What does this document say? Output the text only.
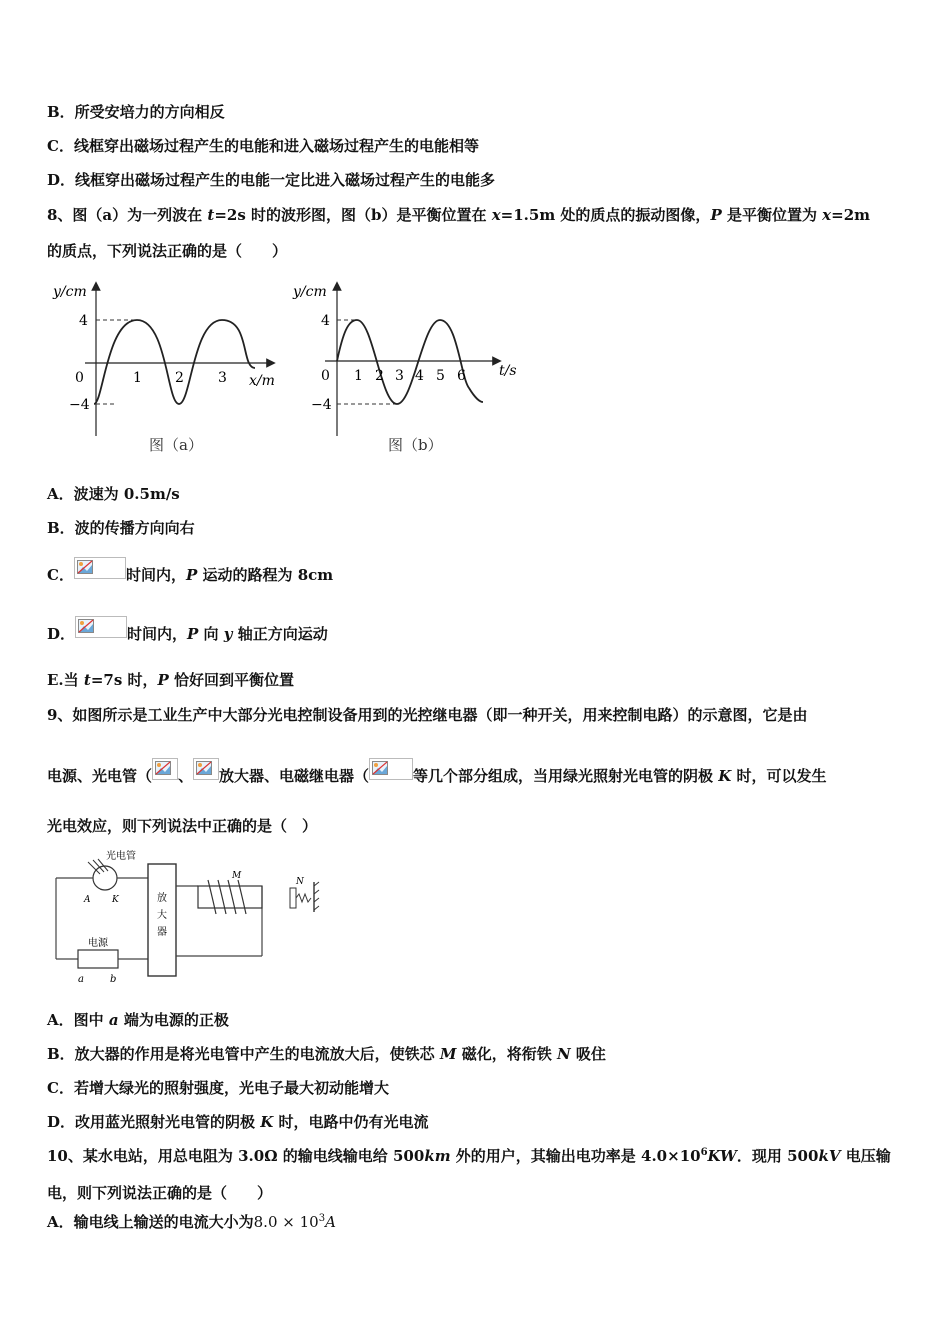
B．所受安培力的方向相反
C．线框穿出磁场过程产生的电能和进入磁场过程产生的电能相等
D．线框穿出磁场过程产生的电能一定比进入磁场过程产生的电能多
8、图（a）为一列波在 t=2s 时的波形图，图（b）是平衡位置在 x=1.5m 处的质点的振动图像，P 是平衡位置为 x=2m
的质点，下列说法正确的是（　　）
y/cm
4
−4
0	1 2 3 x/m
图（a）
y/cm
4
−4
0 1 2 3 4 5 6 t/s
图（b）
A．波速为 0.5m/s
B．波的传播方向向右
C．	时间内，P 运动的路程为 8cm
D．	时间内，P 向 y 轴正方向运动
E.当 t=7s 时，P 恰好回到平衡位置
9、如图所示是工业生产中大部分光电控制设备用到的光控继电器（即一种开关，用来控制电路）的示意图，它是由
电源、光电管（ 、 放大器、电磁继电器（	等几个部分组成，当用绿光照射光电管的阴极 K 时，可以发生
光电效应，则下列说法中正确的是（　）
光电管
A K
电源
a	b
放
大
器
M
N
A．图中 a 端为电源的正极
B．放大器的作用是将光电管中产生的电流放大后，使铁芯 M 磁化，将衔铁 N 吸住
C．若增大绿光的照射强度，光电子最大初动能增大
D．改用蓝光照射光电管的阴极 K 时，电路中仍有光电流
10、某水电站，用总电阻为 3.0Ω 的输电线输电给 500km 外的用户，其输出电功率是 $4.0\times 10^6KW$．现用 500kV 电压输
电，则下列说法正确的是（　　）
A．输电线上输送的电流大小为$8.0 \times 10^3A$
